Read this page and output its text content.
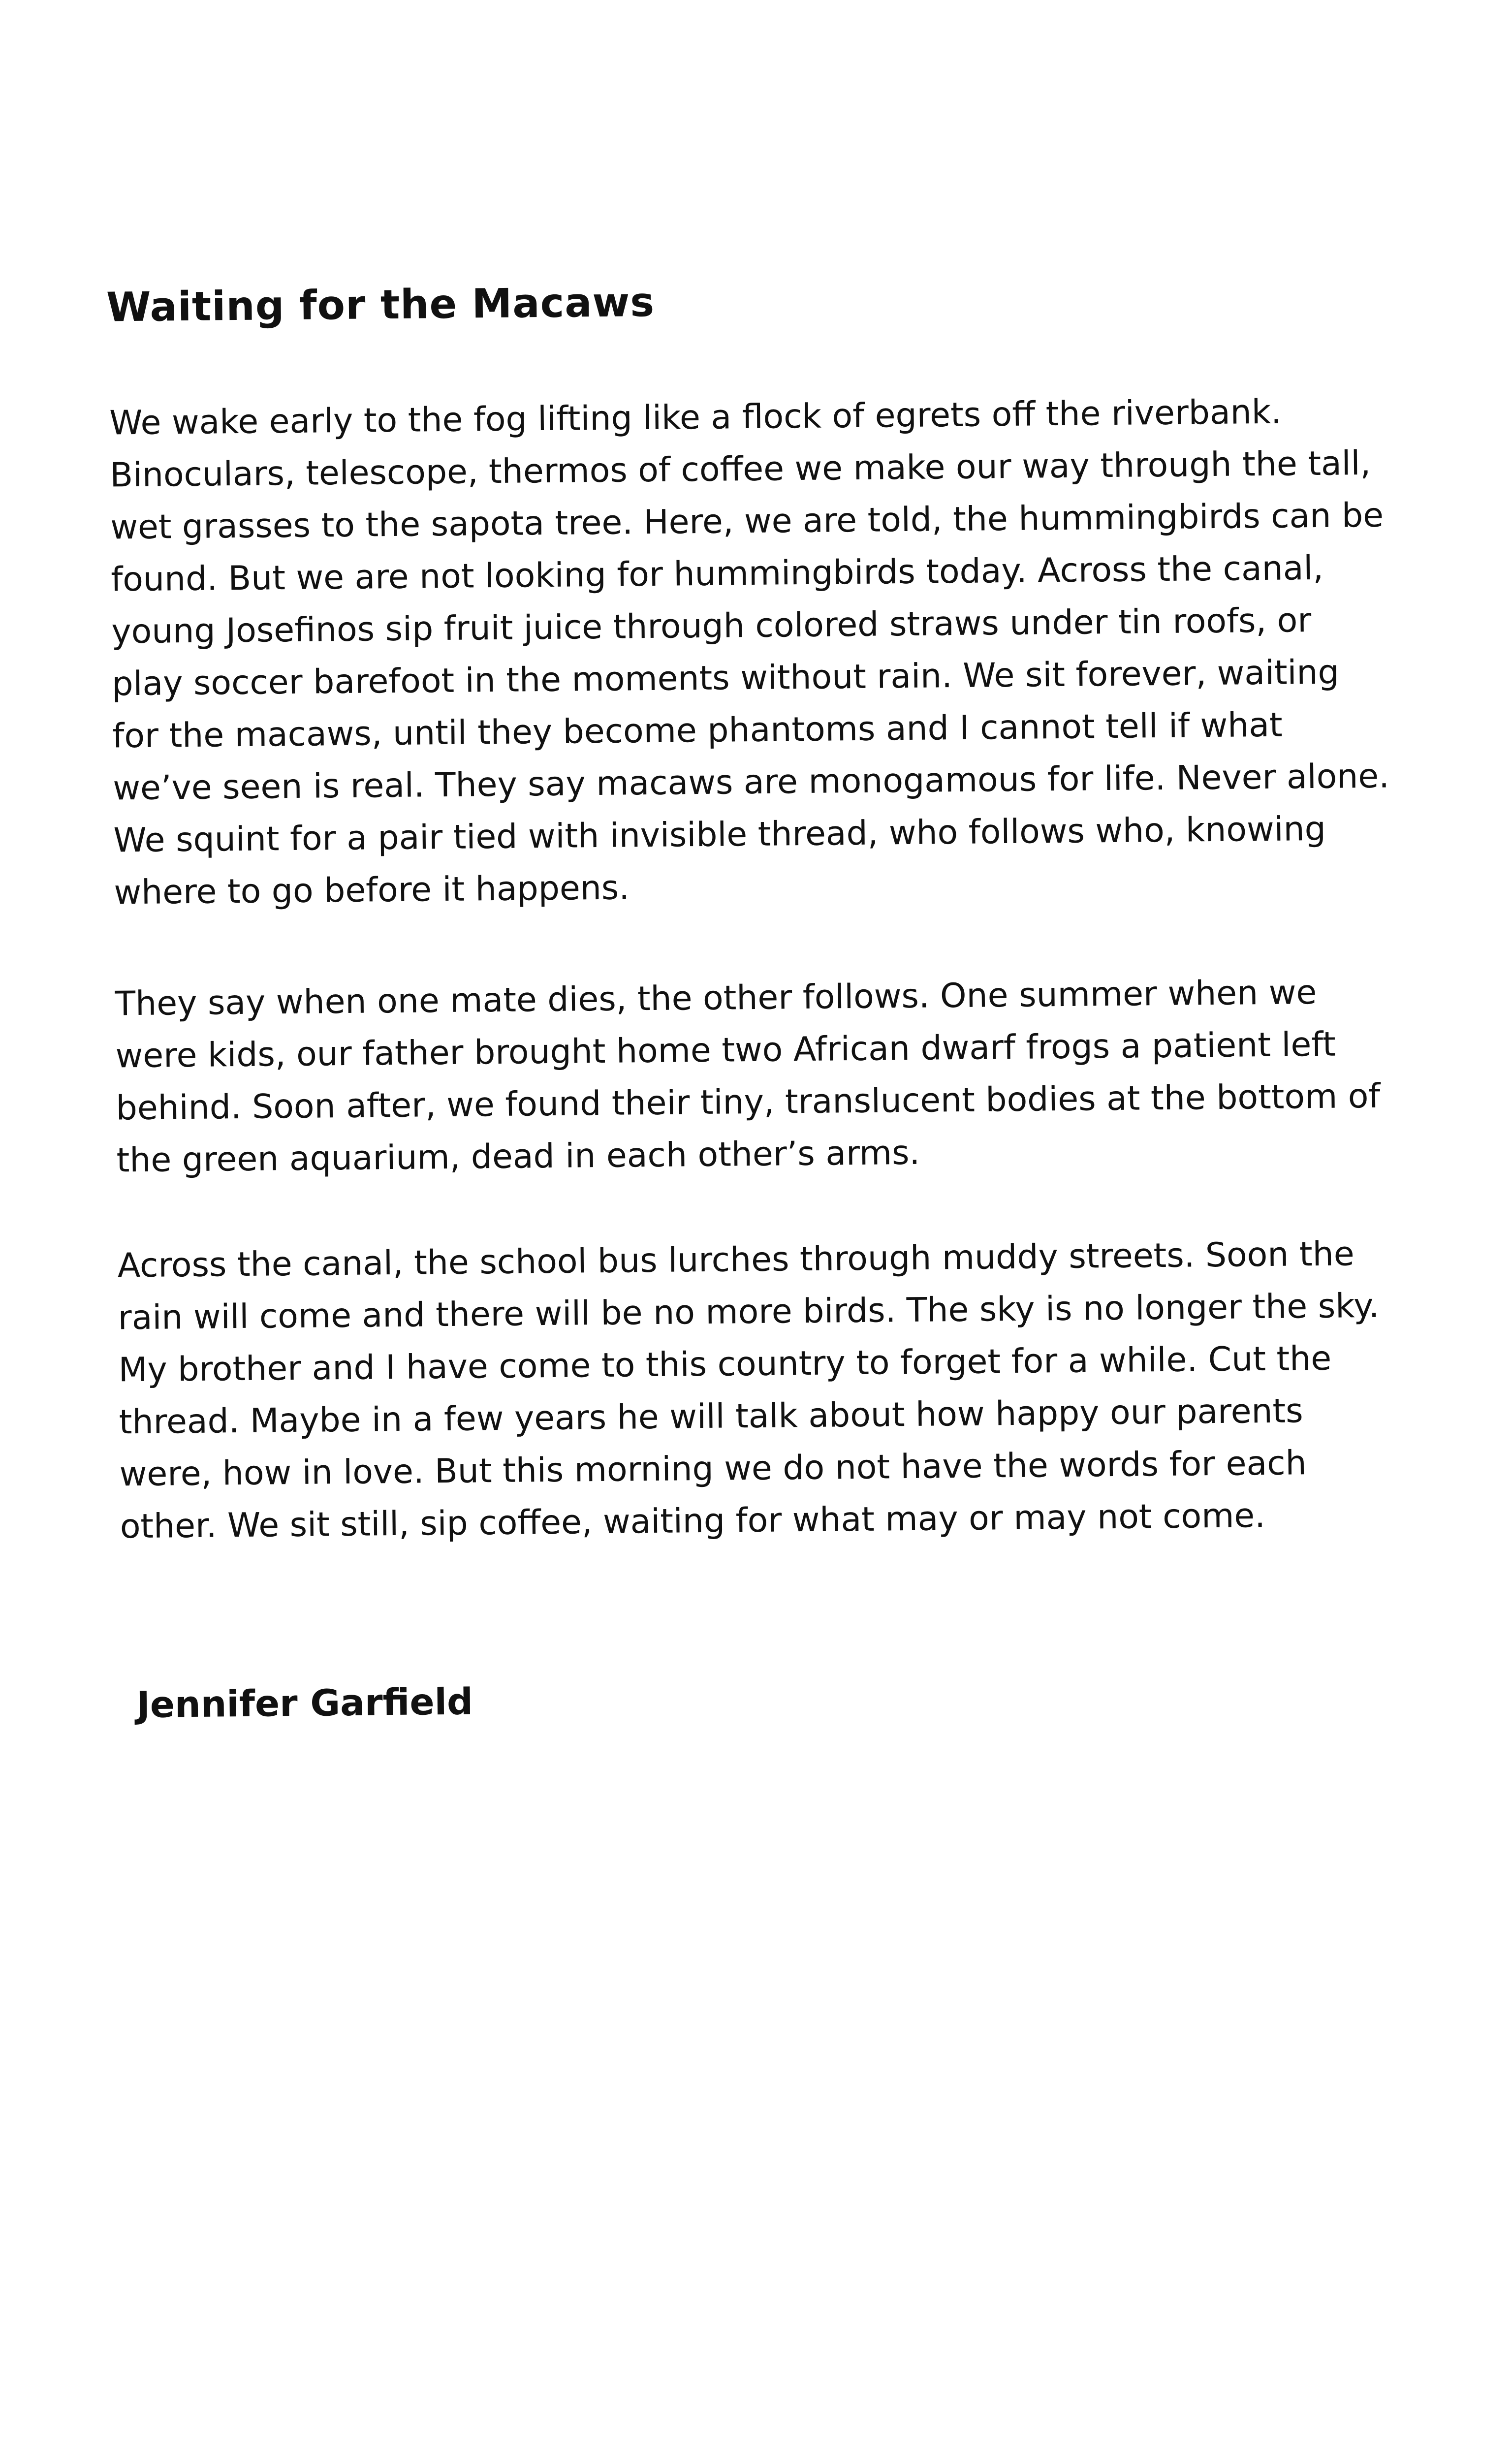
Waiting for the Macaws

We wake early to the fog lifting like a flock of egrets off the riverbank.
Binoculars, telescope, thermos of coffee we make our way through the tall,
wet grasses to the sapota tree. Here, we are told, the hummingbirds can be
found. But we are not looking for hummingbirds today. Across the canal,
young Josefinos sip fruit juice through colored straws under tin roofs, or
play soccer barefoot in the moments without rain. We sit forever, waiting
for the macaws, until they become phantoms and I cannot tell if what
we’ve seen is real. They say macaws are monogamous for life. Never alone.
We squint for a pair tied with invisible thread, who follows who, knowing
where to go before it happens.

They say when one mate dies, the other follows. One summer when we
were kids, our father brought home two African dwarf frogs a patient left
behind. Soon after, we found their tiny, translucent bodies at the bottom of
the green aquarium, dead in each other’s arms.

Across the canal, the school bus lurches through muddy streets. Soon the
rain will come and there will be no more birds. The sky is no longer the sky.
My brother and I have come to this country to forget for a while. Cut the
thread. Maybe in a few years he will talk about how happy our parents
were, how in love. But this morning we do not have the words for each
other. We sit still, sip coffee, waiting for what may or may not come.

Jennifer Garfield
